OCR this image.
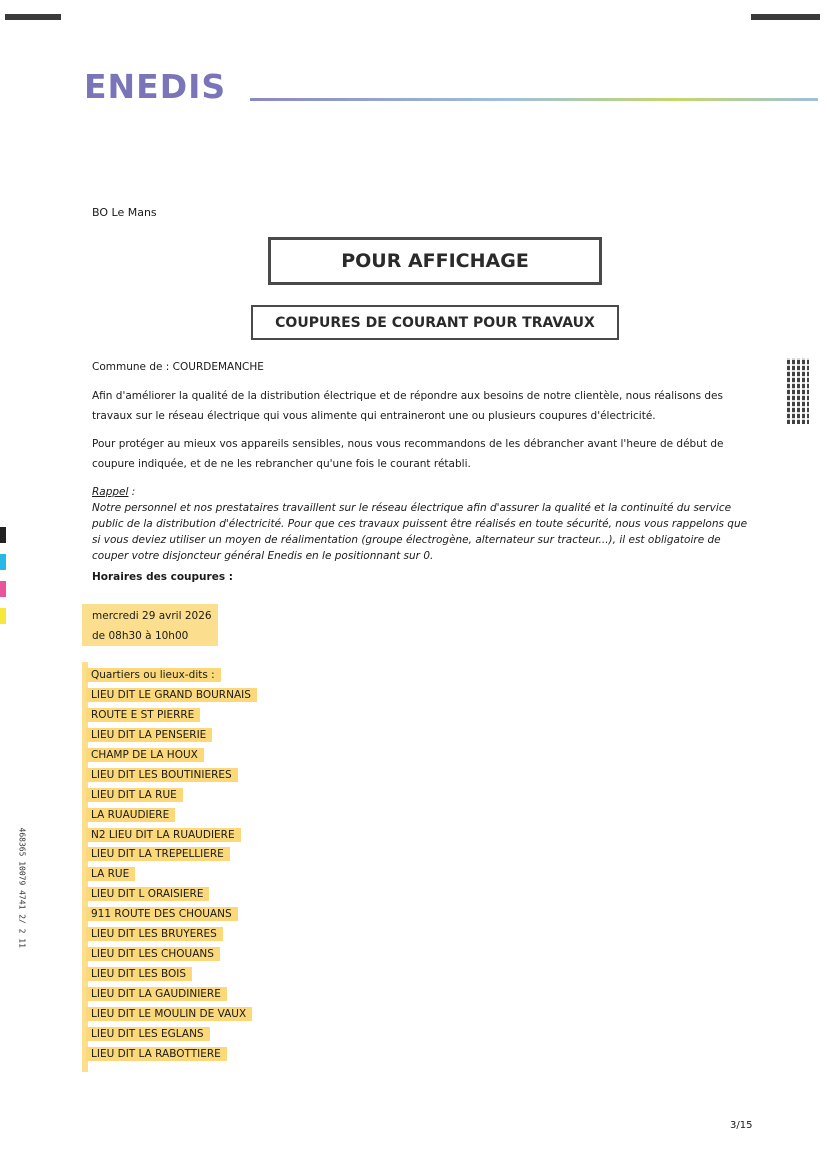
ENEDIS
BO Le Mans
POUR AFFICHAGE
COUPURES DE COURANT POUR TRAVAUX
Commune de : COURDEMANCHE
Afin d'améliorer la qualité de la distribution électrique et de répondre aux besoins de notre clientèle, nous réalisons des travaux sur le réseau électrique qui vous alimente qui entraineront une ou plusieurs coupures d'électricité.
Pour protéger au mieux vos appareils sensibles, nous vous recommandons de les débrancher avant l'heure de début de coupure indiquée, et de ne les rebrancher qu'une fois le courant rétabli.
Rappel :
Notre personnel et nos prestataires travaillent sur le réseau électrique afin d'assurer la qualité et la continuité du service public de la distribution d'électricité. Pour que ces travaux puissent être réalisés en toute sécurité, nous vous rappelons que si vous deviez utiliser un moyen de réalimentation (groupe électrogène, alternateur sur tracteur...), il est obligatoire de couper votre disjoncteur général Enedis en le positionnant sur 0.
Horaires des coupures :
mercredi 29 avril 2026
de 08h30 à 10h00
Quartiers ou lieux-dits :
LIEU DIT LE GRAND BOURNAIS
ROUTE E ST PIERRE
LIEU DIT LA PENSERIE
CHAMP DE LA HOUX
LIEU DIT LES BOUTINIERES
LIEU DIT LA RUE
LA RUAUDIERE
N2 LIEU DIT LA RUAUDIERE
LIEU DIT LA TREPELLIERE
LA RUE
LIEU DIT L ORAISIERE
911 ROUTE DES CHOUANS
LIEU DIT LES BRUYERES
LIEU DIT LES CHOUANS
LIEU DIT LES BOIS
LIEU DIT LA GAUDINIERE
LIEU DIT LE MOULIN DE VAUX
LIEU DIT LES EGLANS
LIEU DIT LA RABOTTIERE
468365 10079 4741 2/ 2 11
3/15
